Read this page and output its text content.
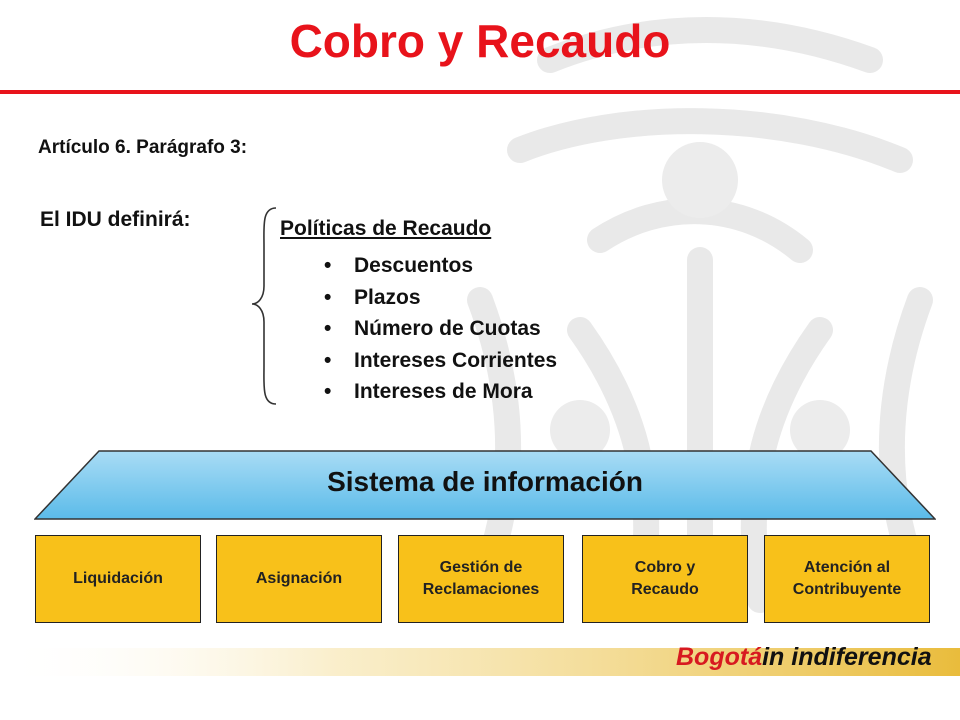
Cobro y Recaudo
Artículo 6. Parágrafo 3:
El IDU definirá:	Políticas de Recaudo
• Descuentos
• Plazos
• Número de Cuotas
• Intereses Corrientes
• Intereses de Mora
Sistema de información
Liquidación	Asignación
Gestión de
Reclamaciones
Cobro y
Recaudo
Atención al
Contribuyente
Bogotáin indiferencia
